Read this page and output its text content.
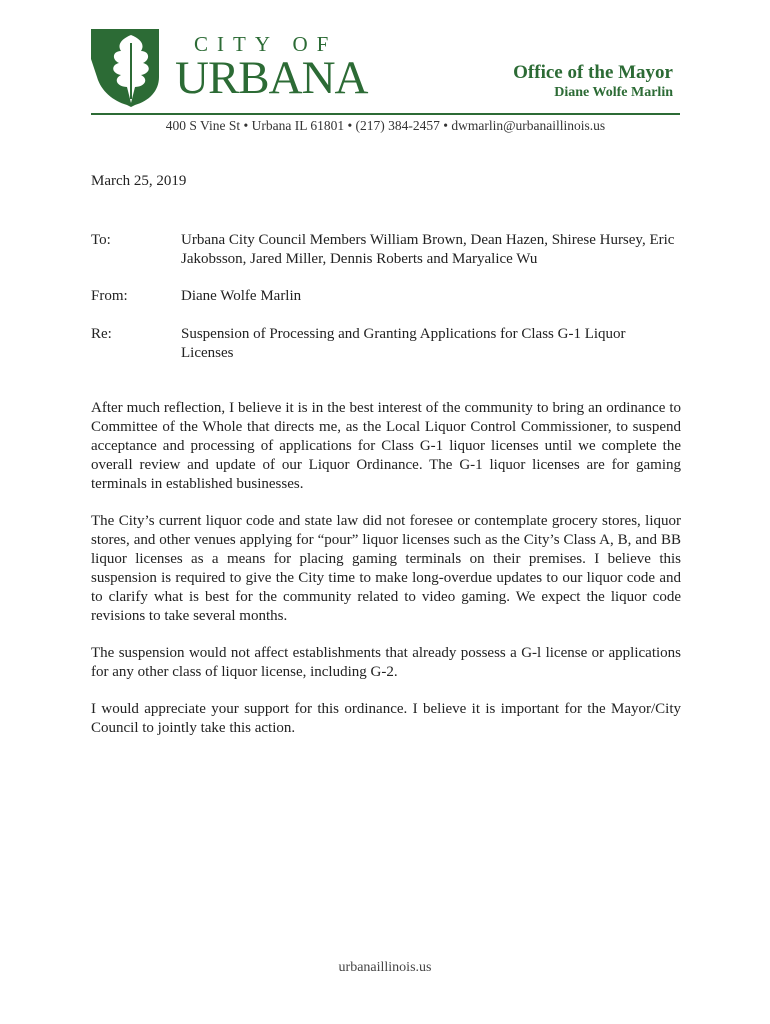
CITY OF
URBANA	Office of the Mayor
Diane Wolfe Marlin
400 S Vine St • Urbana IL 61801 • (217) 384-2457 • dwmarlin@urbanaillinois.us
March 25, 2019
To:	Urbana City Council Members William Brown, Dean Hazen, Shirese Hursey, Eric Jakobsson, Jared Miller, Dennis Roberts and Maryalice Wu
From:	Diane Wolfe Marlin
Re:	Suspension of Processing and Granting Applications for Class G-1 Liquor Licenses

After much reflection, I believe it is in the best interest of the community to bring an ordinance to Committee of the Whole that directs me, as the Local Liquor Control Commissioner, to suspend acceptance and processing of applications for Class G-1 liquor licenses until we complete the overall review and update of our Liquor Ordinance. The G-1 liquor licenses are for gaming terminals in established businesses.

The City’s current liquor code and state law did not foresee or contemplate grocery stores, liquor stores, and other venues applying for “pour” liquor licenses such as the City’s Class A, B, and BB liquor licenses as a means for placing gaming terminals on their premises. I believe this suspension is required to give the City time to make long-overdue updates to our liquor code and to clarify what is best for the community related to video gaming. We expect the liquor code revisions to take several months.

The suspension would not affect establishments that already possess a G-l license or applications for any other class of liquor license, including G-2.

I would appreciate your support for this ordinance. I believe it is important for the Mayor/City Council to jointly take this action.

urbanaillinois.us
